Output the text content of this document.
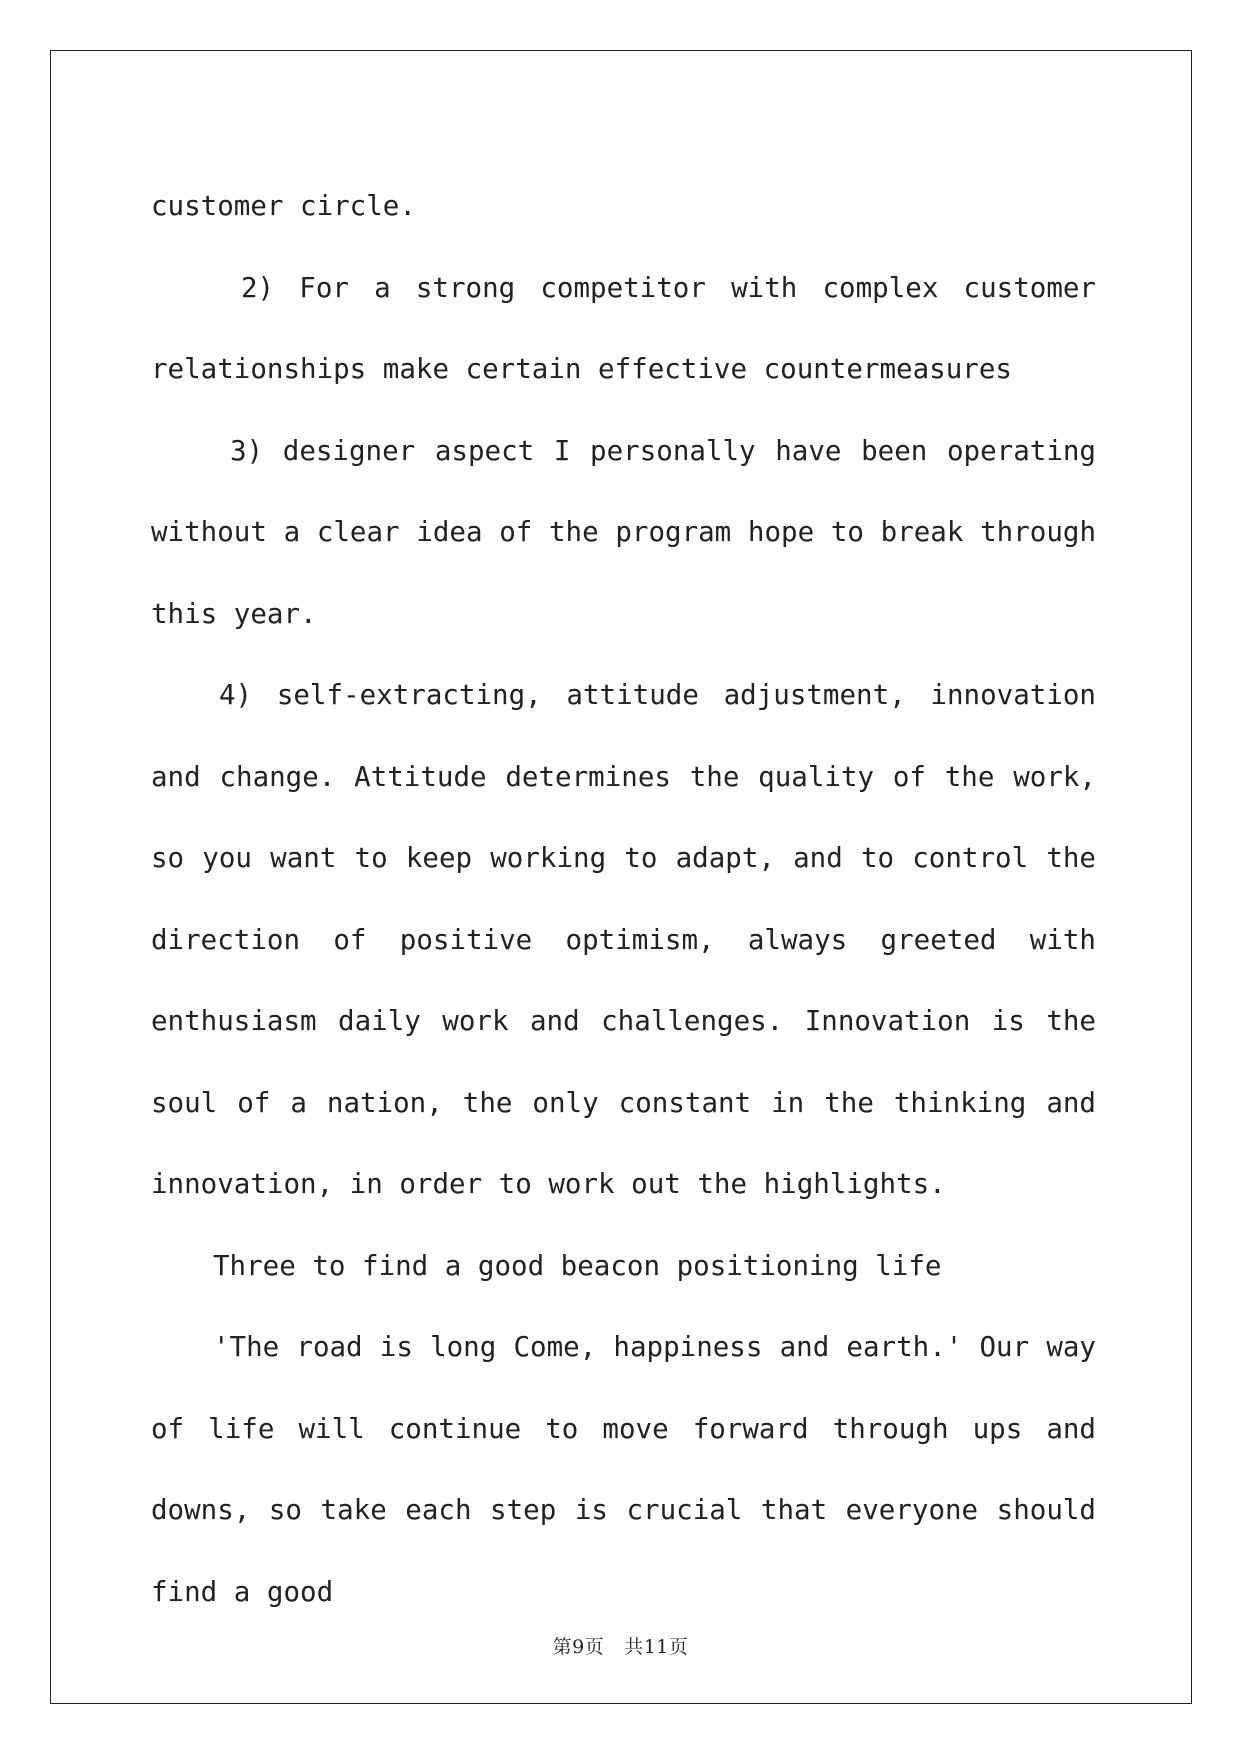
customer circle.

2) For a strong competitor with complex customer relationships make certain effective countermeasures

3) designer aspect I personally have been operating without a clear idea of the program hope to break through this year.

4) self-extracting, attitude adjustment, innovation and change. Attitude determines the quality of the work, so you want to keep working to adapt, and to control the direction of positive optimism, always greeted with enthusiasm daily work and challenges. Innovation is the soul of a nation, the only constant in the thinking and innovation, in order to work out the highlights.

Three to find a good beacon positioning life

'The road is long Come, happiness and earth.' Our way of life will continue to move forward through ups and downs, so take each step is crucial that everyone should find a good

第9页 共11页
